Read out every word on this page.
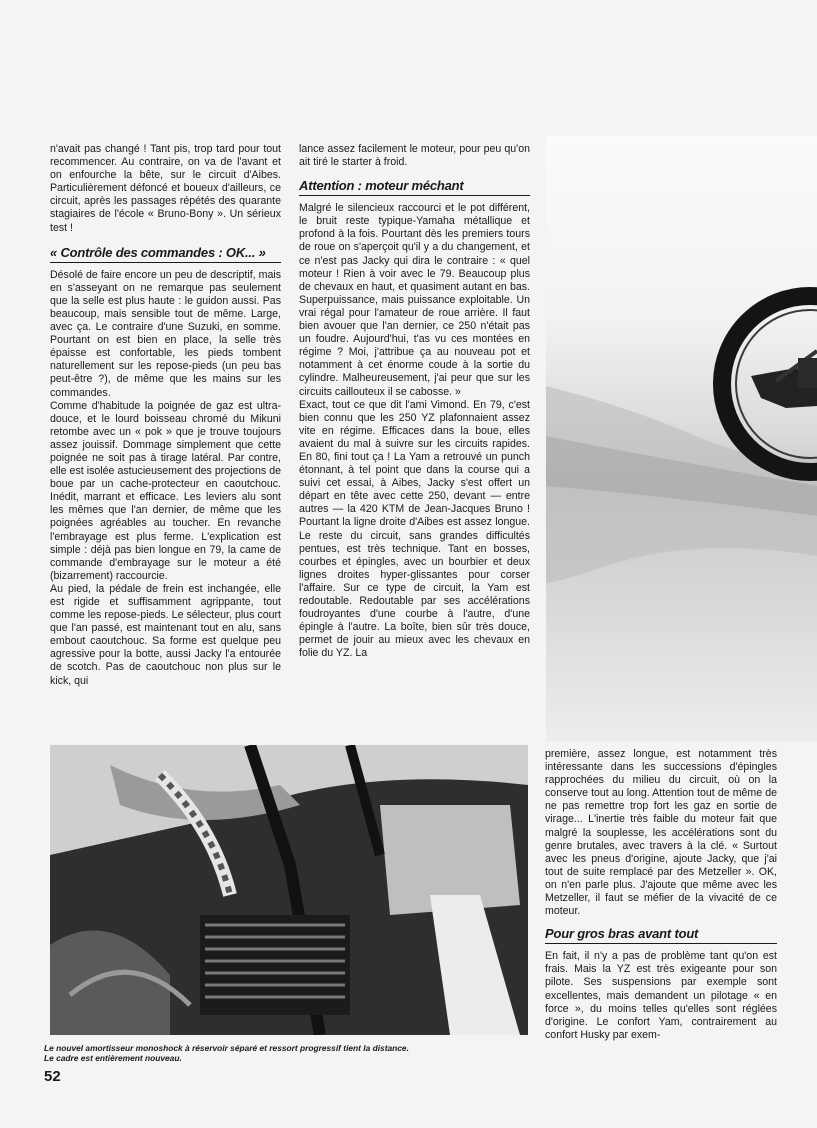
n'avait pas changé ! Tant pis, trop tard pour tout recommencer. Au contraire, on va de l'avant et on enfourche la bête, sur le circuit d'Aibes. Particulièrement défoncé et boueux d'ailleurs, ce circuit, après les passages répétés des quarante stagiaires de l'école « Bruno-Bony ». Un sérieux test !

« Contrôle des commandes : OK... »

Désolé de faire encore un peu de descriptif, mais en s'asseyant on ne remarque pas seulement que la selle est plus haute : le guidon aussi. Pas beaucoup, mais sensible tout de même. Large, avec ça. Le contraire d'une Suzuki, en somme. Pourtant on est bien en place, la selle très épaisse est confortable, les pieds tombent naturellement sur les repose-pieds (un peu bas peut-être ?), de même que les mains sur les commandes.

Comme d'habitude la poignée de gaz est ultra-douce, et le lourd boisseau chromé du Mikuni retombe avec un « pok » que je trouve toujours assez jouissif. Dommage simplement que cette poignée ne soit pas à tirage latéral. Par contre, elle est isolée astucieusement des projections de boue par un cache-protecteur en caoutchouc. Inédit, marrant et efficace. Les leviers alu sont les mêmes que l'an dernier, de même que les poignées agréables au toucher. En revanche l'embrayage est plus ferme. L'explication est simple : déjà pas bien longue en 79, la came de commande d'embrayage sur le moteur a été (bizarrement) raccourcie.

Au pied, la pédale de frein est inchangée, elle est rigide et suffisamment agrippante, tout comme les repose-pieds. Le sélecteur, plus court que l'an passé, est maintenant tout en alu, sans embout caoutchouc. Sa forme est quelque peu agressive pour la botte, aussi Jacky l'a entourée de scotch. Pas de caoutchouc non plus sur le kick, qui

lance assez facilement le moteur, pour peu qu'on ait tiré le starter à froid.

Attention : moteur méchant

Malgré le silencieux raccourci et le pot différent, le bruit reste typique-Yamaha métallique et profond à la fois. Pourtant dès les premiers tours de roue on s'aperçoit qu'il y a du changement, et ce n'est pas Jacky qui dira le contraire : « quel moteur ! Rien à voir avec le 79. Beaucoup plus de chevaux en haut, et quasiment autant en bas. Superpuissance, mais puissance exploitable. Un vrai régal pour l'amateur de roue arrière. Il faut bien avouer que l'an dernier, ce 250 n'était pas un foudre. Aujourd'hui, t'as vu ces montées en régime ? Moi, j'attribue ça au nouveau pot et notamment à cet énorme coude à la sortie du cylindre. Malheureusement, j'ai peur que sur les circuits caillouteux il se cabosse. »

Exact, tout ce que dit l'ami Vimond. En 79, c'est bien connu que les 250 YZ plafonnaient assez vite en régime. Efficaces dans la boue, elles avaient du mal à suivre sur les circuits rapides. En 80, fini tout ça ! La Yam a retrouvé un punch étonnant, à tel point que dans la course qui a suivi cet essai, à Aibes, Jacky s'est offert un départ en tête avec cette 250, devant — entre autres — la 420 KTM de Jean-Jacques Bruno ! Pourtant la ligne droite d'Aibes est assez longue. Le reste du circuit, sans grandes difficultés pentues, est très technique. Tant en bosses, courbes et épingles, avec un bourbier et deux lignes droites hyper-glissantes pour corser l'affaire. Sur ce type de circuit, la Yam est redoutable. Redoutable par ses accélérations foudroyantes d'une courbe à l'autre, d'une épingle à l'autre. La boîte, bien sûr très douce, permet de jouir au mieux avec les chevaux en folie du YZ. La

première, assez longue, est notamment très intéressante dans les successions d'épingles rapprochées du milieu du circuit, où on la conserve tout au long. Attention tout de même de ne pas remettre trop fort les gaz en sortie de virage... L'inertie très faible du moteur fait que malgré la souplesse, les accélérations sont du genre brutales, avec travers à la clé. « Surtout avec les pneus d'origine, ajoute Jacky, que j'ai tout de suite remplacé par des Metzeller ». OK, on n'en parle plus. J'ajoute que même avec les Metzeller, il faut se méfier de la vivacité de ce moteur.

Pour gros bras avant tout

En fait, il n'y a pas de problème tant qu'on est frais. Mais la YZ est très exigeante pour son pilote. Ses suspensions par exemple sont excellentes, mais demandent un pilotage « en force », du moins telles qu'elles sont réglées d'origine. Le confort Yam, contrairement au confort Husky par exem-

Le nouvel amortisseur monoshock à réservoir séparé et ressort progressif tient la distance.

Le cadre est entièrement nouveau.

52
